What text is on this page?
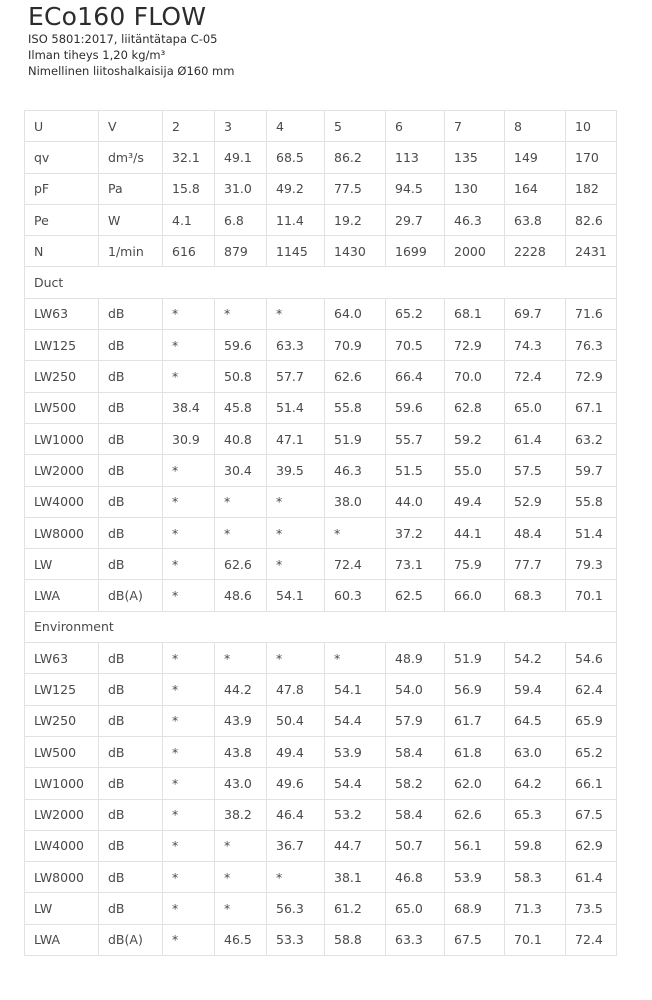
ECo160 FLOW
ISO 5801:2017, liitäntätapa C-05
Ilman tiheys 1,20 kg/m³
Nimellinen liitoshalkaisija Ø160 mm
U	V	2	3	4	5	6	7	8	10
qv	dm³/s	32.1	49.1	68.5	86.2	113	135	149	170
pF	Pa	15.8	31.0	49.2	77.5	94.5	130	164	182
Pe	W	4.1	6.8	11.4	19.2	29.7	46.3	63.8	82.6
N	1/min	616	879	1145	1430	1699	2000	2228	2431
Duct									
LW63	dB	*	*	*	64.0	65.2	68.1	69.7	71.6
LW125	dB	*	59.6	63.3	70.9	70.5	72.9	74.3	76.3
LW250	dB	*	50.8	57.7	62.6	66.4	70.0	72.4	72.9
LW500	dB	38.4	45.8	51.4	55.8	59.6	62.8	65.0	67.1
LW1000	dB	30.9	40.8	47.1	51.9	55.7	59.2	61.4	63.2
LW2000	dB	*	30.4	39.5	46.3	51.5	55.0	57.5	59.7
LW4000	dB	*	*	*	38.0	44.0	49.4	52.9	55.8
LW8000	dB	*	*	*	*	37.2	44.1	48.4	51.4
LW	dB	*	62.6	*	72.4	73.1	75.9	77.7	79.3
LWA	dB(A)	*	48.6	54.1	60.3	62.5	66.0	68.3	70.1
Environment									
LW63	dB	*	*	*	*	48.9	51.9	54.2	54.6
LW125	dB	*	44.2	47.8	54.1	54.0	56.9	59.4	62.4
LW250	dB	*	43.9	50.4	54.4	57.9	61.7	64.5	65.9
LW500	dB	*	43.8	49.4	53.9	58.4	61.8	63.0	65.2
LW1000	dB	*	43.0	49.6	54.4	58.2	62.0	64.2	66.1
LW2000	dB	*	38.2	46.4	53.2	58.4	62.6	65.3	67.5
LW4000	dB	*	*	36.7	44.7	50.7	56.1	59.8	62.9
LW8000	dB	*	*	*	38.1	46.8	53.9	58.3	61.4
LW	dB	*	*	56.3	61.2	65.0	68.9	71.3	73.5
LWA	dB(A)	*	46.5	53.3	58.8	63.3	67.5	70.1	72.4
